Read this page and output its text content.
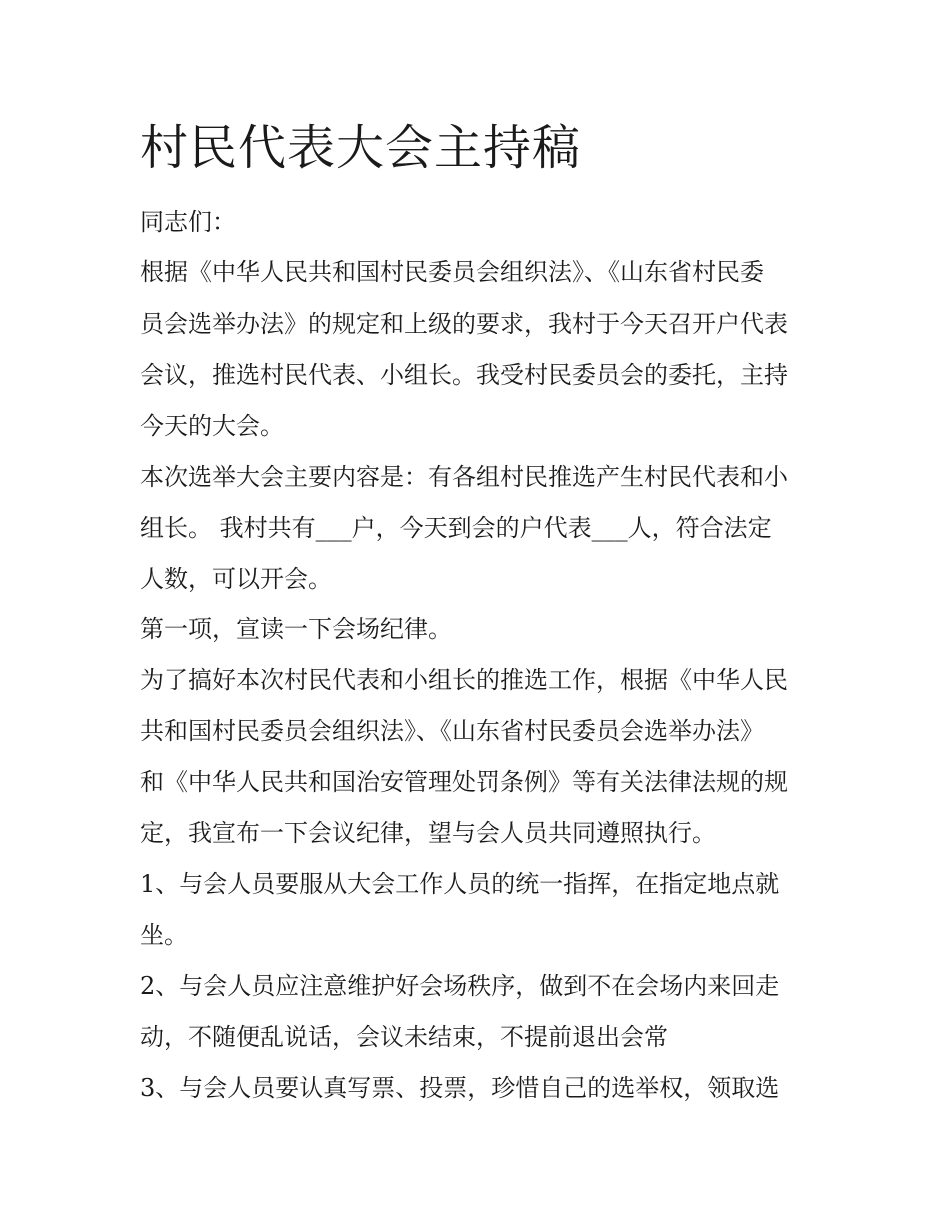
村民代表大会主持稿
同志们：
根据《中华人民共和国村民委员会组织法》、《山东省村民委
员会选举办法》的规定和上级的要求，我村于今天召开户代表
会议，推选村民代表、小组长。我受村民委员会的委托，主持
今天的大会。
本次选举大会主要内容是：有各组村民推选产生村民代表和小
组长。 我村共有___户，今天到会的户代表___人，符合法定
人数，可以开会。
第一项，宣读一下会场纪律。
为了搞好本次村民代表和小组长的推选工作，根据《中华人民
共和国村民委员会组织法》、《山东省村民委员会选举办法》
和《中华人民共和国治安管理处罚条例》等有关法律法规的规
定，我宣布一下会议纪律，望与会人员共同遵照执行。
1、与会人员要服从大会工作人员的统一指挥，在指定地点就
坐。
2、与会人员应注意维护好会场秩序，做到不在会场内来回走
动，不随便乱说话，会议未结束，不提前退出会常
3、与会人员要认真写票、投票，珍惜自己的选举权，领取选
